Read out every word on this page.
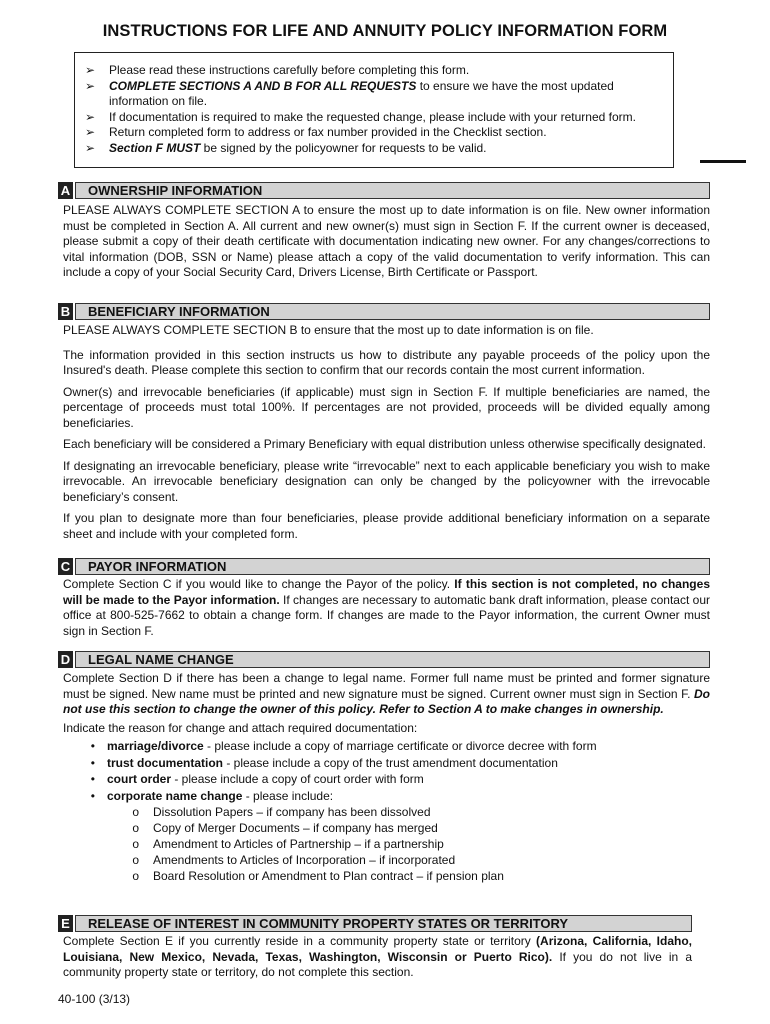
INSTRUCTIONS FOR LIFE AND ANNUITY POLICY INFORMATION FORM
➢	Please read these instructions carefully before completing this form.
➢	COMPLETE SECTIONS A AND B FOR ALL REQUESTS to ensure we have the most updated information on file.
➢	If documentation is required to make the requested change, please include with your returned form.
➢	Return completed form to address or fax number provided in the Checklist section.
➢	Section F MUST be signed by the policyowner for requests to be valid.
A	OWNERSHIP INFORMATION

PLEASE ALWAYS COMPLETE SECTION A to ensure the most up to date information is on file. New owner information must be completed in Section A. All current and new owner(s) must sign in Section F. If the current owner is deceased, please submit a copy of their death certificate with documentation indicating new owner. For any changes/corrections to vital information (DOB, SSN or Name) please attach a copy of the valid documentation to verify information. This can include a copy of your Social Security Card, Drivers License, Birth Certificate or Passport.

B	BENEFICIARY INFORMATION

PLEASE ALWAYS COMPLETE SECTION B to ensure that the most up to date information is on file.

The information provided in this section instructs us how to distribute any payable proceeds of the policy upon the Insured's death. Please complete this section to confirm that our records contain the most current information.

Owner(s) and irrevocable beneficiaries (if applicable) must sign in Section F. If multiple beneficiaries are named, the percentage of proceeds must total 100%. If percentages are not provided, proceeds will be divided equally among beneficiaries.

Each beneficiary will be considered a Primary Beneficiary with equal distribution unless otherwise specifically designated.

If designating an irrevocable beneficiary, please write “irrevocable” next to each applicable beneficiary you wish to make irrevocable. An irrevocable beneficiary designation can only be changed by the policyowner with the irrevocable beneficiary’s consent.

If you plan to designate more than four beneficiaries, please provide additional beneficiary information on a separate sheet and include with your completed form.

C	PAYOR INFORMATION

Complete Section C if you would like to change the Payor of the policy. If this section is not completed, no changes will be made to the Payor information. If changes are necessary to automatic bank draft information, please contact our office at 800-525-7662 to obtain a change form. If changes are made to the Payor information, the current Owner must sign in Section F.

D	LEGAL NAME CHANGE

Complete Section D if there has been a change to legal name. Former full name must be printed and former signature must be signed. New name must be printed and new signature must be signed. Current owner must sign in Section F. Do not use this section to change the owner of this policy. Refer to Section A to make changes in ownership.

Indicate the reason for change and attach required documentation:

•	marriage/divorce - please include a copy of marriage certificate or divorce decree with form
•	trust documentation - please include a copy of the trust amendment documentation
•	court order - please include a copy of court order with form
•	corporate name change - please include:
o	Dissolution Papers – if company has been dissolved
o	Copy of Merger Documents – if company has merged
o	Amendment to Articles of Partnership – if a partnership
o	Amendments to Articles of Incorporation – if incorporated
o	Board Resolution or Amendment to Plan contract – if pension plan
E	RELEASE OF INTEREST IN COMMUNITY PROPERTY STATES OR TERRITORY

Complete Section E if you currently reside in a community property state or territory (Arizona, California, Idaho, Louisiana, New Mexico, Nevada, Texas, Washington, Wisconsin or Puerto Rico). If you do not live in a community property state or territory, do not complete this section.

40-100 (3/13)
